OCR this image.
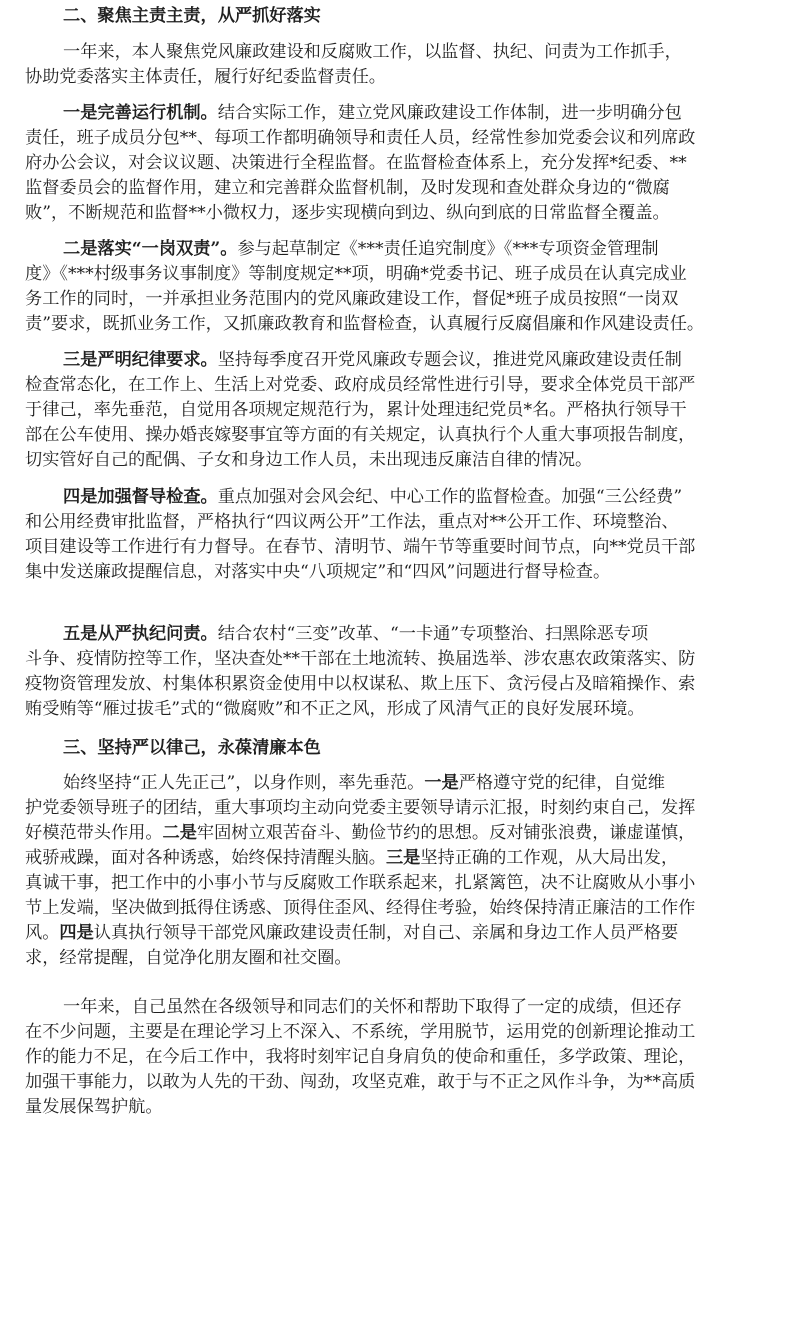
二、聚焦主责主责，从严抓好落实
一年来，本人聚焦党风廉政建设和反腐败工作，以监督、执纪、问责为工作抓手，
协助党委落实主体责任，履行好纪委监督责任。
一是完善运行机制。结合实际工作，建立党风廉政建设工作体制，进一步明确分包
责任，班子成员分包**、每项工作都明确领导和责任人员，经常性参加党委会议和列席政
府办公会议，对会议议题、决策进行全程监督。在监督检查体系上，充分发挥*纪委、**
监督委员会的监督作用，建立和完善群众监督机制，及时发现和查处群众身边的“微腐
败”，不断规范和监督**小微权力，逐步实现横向到边、纵向到底的日常监督全覆盖。
二是落实“一岗双责”。参与起草制定《***责任追究制度》《***专项资金管理制
度》《***村级事务议事制度》等制度规定**项，明确*党委书记、班子成员在认真完成业
务工作的同时，一并承担业务范围内的党风廉政建设工作，督促*班子成员按照“一岗双
责”要求，既抓业务工作，又抓廉政教育和监督检查，认真履行反腐倡廉和作风建设责任。
三是严明纪律要求。坚持每季度召开党风廉政专题会议，推进党风廉政建设责任制
检查常态化，在工作上、生活上对党委、政府成员经常性进行引导，要求全体党员干部严
于律己，率先垂范，自觉用各项规定规范行为，累计处理违纪党员*名。严格执行领导干
部在公车使用、操办婚丧嫁娶事宜等方面的有关规定，认真执行个人重大事项报告制度，
切实管好自己的配偶、子女和身边工作人员，未出现违反廉洁自律的情况。
四是加强督导检查。重点加强对会风会纪、中心工作的监督检查。加强“三公经费”
和公用经费审批监督，严格执行“四议两公开”工作法，重点对**公开工作、环境整治、
项目建设等工作进行有力督导。在春节、清明节、端午节等重要时间节点，向**党员干部
集中发送廉政提醒信息，对落实中央“八项规定”和“四风”问题进行督导检查。
五是从严执纪问责。结合农村“三变”改革、“一卡通”专项整治、扫黑除恶专项
斗争、疫情防控等工作，坚决查处**干部在土地流转、换届选举、涉农惠农政策落实、防
疫物资管理发放、村集体积累资金使用中以权谋私、欺上压下、贪污侵占及暗箱操作、索
贿受贿等“雁过拔毛”式的“微腐败”和不正之风，形成了风清气正的良好发展环境。
三、坚持严以律己，永葆清廉本色
始终坚持“正人先正己”，以身作则，率先垂范。一是严格遵守党的纪律，自觉维
护党委领导班子的团结，重大事项均主动向党委主要领导请示汇报，时刻约束自己，发挥
好模范带头作用。二是牢固树立艰苦奋斗、勤俭节约的思想。反对铺张浪费，谦虚谨慎，
戒骄戒躁，面对各种诱惑，始终保持清醒头脑。三是坚持正确的工作观，从大局出发，
真诚干事，把工作中的小事小节与反腐败工作联系起来，扎紧篱笆，决不让腐败从小事小
节上发端，坚决做到抵得住诱惑、顶得住歪风、经得住考验，始终保持清正廉洁的工作作
风。四是认真执行领导干部党风廉政建设责任制，对自己、亲属和身边工作人员严格要
求，经常提醒，自觉净化朋友圈和社交圈。
一年来，自己虽然在各级领导和同志们的关怀和帮助下取得了一定的成绩，但还存
在不少问题，主要是在理论学习上不深入、不系统，学用脱节，运用党的创新理论推动工
作的能力不足，在今后工作中，我将时刻牢记自身肩负的使命和重任，多学政策、理论，
加强干事能力，以敢为人先的干劲、闯劲，攻坚克难，敢于与不正之风作斗争，为**高质
量发展保驾护航。
